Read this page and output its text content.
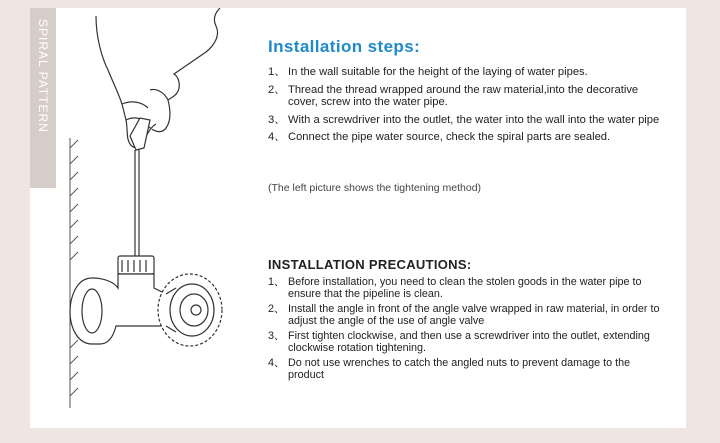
SPIRAL PATTERN	Installation steps:
1、 In the wall suitable for the height of the laying of water pipes.
2、 Thread the thread wrapped around the raw material,into the decorative cover, screw into the water pipe.
3、 With a screwdriver into the outlet, the water into the wall into the water pipe
4、 Connect the pipe water source, check the spiral parts are sealed.
(The left picture shows the tightening method)
INSTALLATION PRECAUTIONS:
1、 Before installation, you need to clean the stolen goods in the water pipe to ensure that the pipeline is clean.
2、 Install the angle in front of the angle valve wrapped in raw material, in order to adjust the angle of the use of angle valve
3、 First tighten clockwise, and then use a screwdriver into the outlet, extending clockwise rotation tightening.
4、 Do not use wrenches to catch the angled nuts to prevent damage to the product
